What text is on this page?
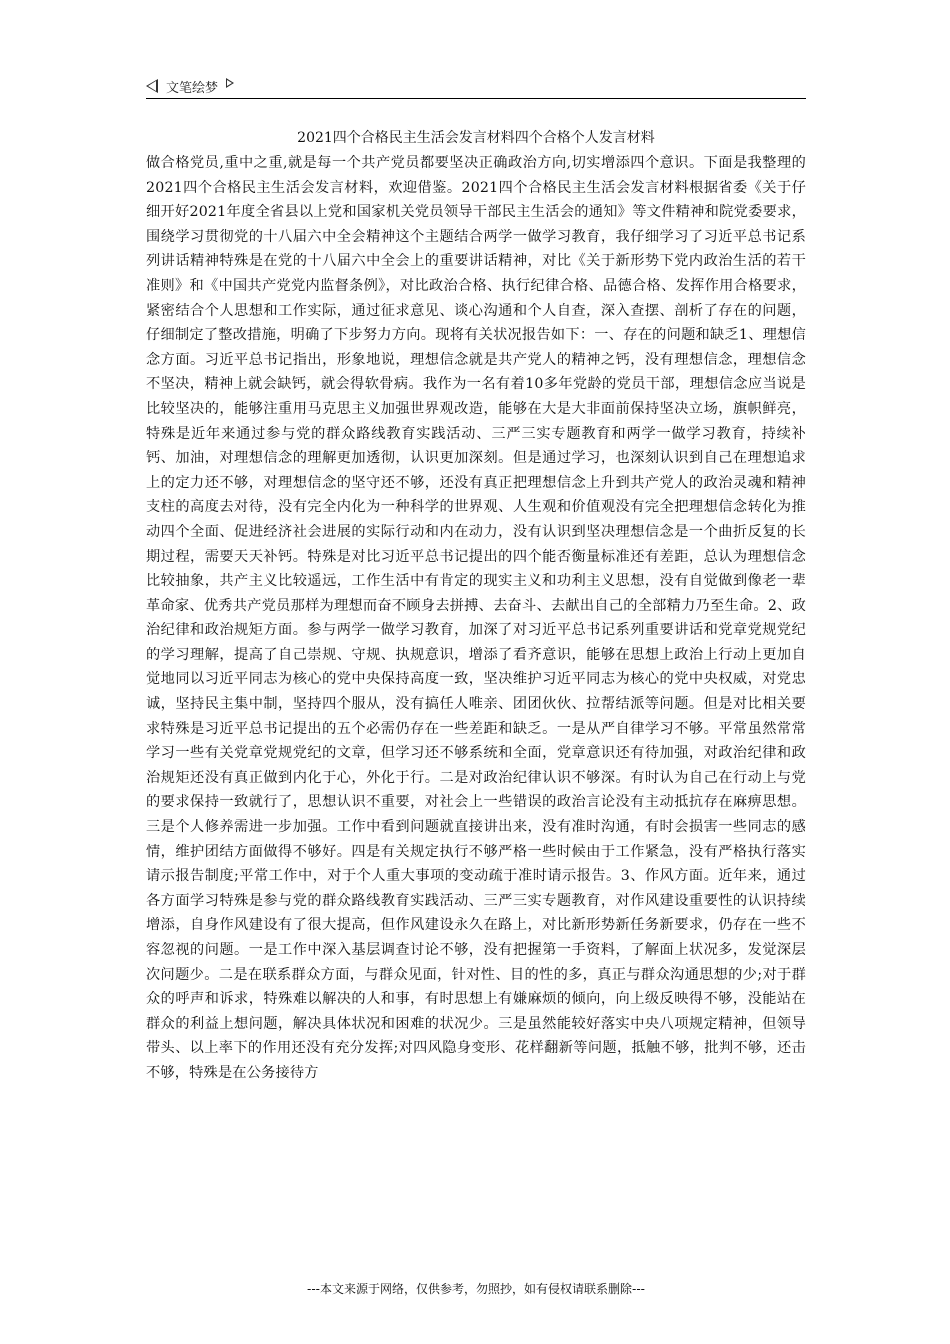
文笔绘梦
2021四个合格民主生活会发言材料四个合格个人发言材料
做合格党员,重中之重,就是每一个共产党员都要坚决正确政治方向,切实增添四个意识。下面是我整理的2021四个合格民主生活会发言材料，欢迎借鉴。2021四个合格民主生活会发言材料根据省委《关于仔细开好2021年度全省县以上党和国家机关党员领导干部民主生活会的通知》等文件精神和院党委要求，围绕学习贯彻党的十八届六中全会精神这个主题结合两学一做学习教育，我仔细学习了习近平总书记系列讲话精神特殊是在党的十八届六中全会上的重要讲话精神，对比《关于新形势下党内政治生活的若干准则》和《中国共产党党内监督条例》，对比政治合格、执行纪律合格、品德合格、发挥作用合格要求，紧密结合个人思想和工作实际，通过征求意见、谈心沟通和个人自查，深入查摆、剖析了存在的问题，仔细制定了整改措施，明确了下步努力方向。现将有关状况报告如下：一、存在的问题和缺乏1、理想信念方面。习近平总书记指出，形象地说，理想信念就是共产党人的精神之钙，没有理想信念，理想信念不坚决，精神上就会缺钙，就会得软骨病。我作为一名有着10多年党龄的党员干部，理想信念应当说是比较坚决的，能够注重用马克思主义加强世界观改造，能够在大是大非面前保持坚决立场，旗帜鲜亮，特殊是近年来通过参与党的群众路线教育实践活动、三严三实专题教育和两学一做学习教育，持续补钙、加油，对理想信念的理解更加透彻，认识更加深刻。但是通过学习，也深刻认识到自己在理想追求上的定力还不够，对理想信念的坚守还不够，还没有真正把理想信念上升到共产党人的政治灵魂和精神支柱的高度去对待，没有完全内化为一种科学的世界观、人生观和价值观没有完全把理想信念转化为推动四个全面、促进经济社会进展的实际行动和内在动力，没有认识到坚决理想信念是一个曲折反复的长期过程，需要天天补钙。特殊是对比习近平总书记提出的四个能否衡量标准还有差距，总认为理想信念比较抽象，共产主义比较遥远，工作生活中有肯定的现实主义和功利主义思想，没有自觉做到像老一辈革命家、优秀共产党员那样为理想而奋不顾身去拼搏、去奋斗、去献出自己的全部精力乃至生命。2、政治纪律和政治规矩方面。参与两学一做学习教育，加深了对习近平总书记系列重要讲话和党章党规党纪的学习理解，提高了自己崇规、守规、执规意识，增添了看齐意识，能够在思想上政治上行动上更加自觉地同以习近平同志为核心的党中央保持高度一致，坚决维护习近平同志为核心的党中央权威，对党忠诚，坚持民主集中制，坚持四个服从，没有搞任人唯亲、团团伙伙、拉帮结派等问题。但是对比相关要求特殊是习近平总书记提出的五个必需仍存在一些差距和缺乏。一是从严自律学习不够。平常虽然常常学习一些有关党章党规党纪的文章，但学习还不够系统和全面，党章意识还有待加强，对政治纪律和政治规矩还没有真正做到内化于心，外化于行。二是对政治纪律认识不够深。有时认为自己在行动上与党的要求保持一致就行了，思想认识不重要，对社会上一些错误的政治言论没有主动抵抗存在麻痹思想。三是个人修养需进一步加强。工作中看到问题就直接讲出来，没有准时沟通，有时会损害一些同志的感情，维护团结方面做得不够好。四是有关规定执行不够严格一些时候由于工作紧急，没有严格执行落实请示报告制度;平常工作中，对于个人重大事项的变动疏于准时请示报告。3、作风方面。近年来，通过各方面学习特殊是参与党的群众路线教育实践活动、三严三实专题教育，对作风建设重要性的认识持续增添，自身作风建设有了很大提高，但作风建设永久在路上，对比新形势新任务新要求，仍存在一些不容忽视的问题。一是工作中深入基层调查讨论不够，没有把握第一手资料，了解面上状况多，发觉深层次问题少。二是在联系群众方面，与群众见面，针对性、目的性的多，真正与群众沟通思想的少;对于群众的呼声和诉求，特殊难以解决的人和事，有时思想上有嫌麻烦的倾向，向上级反映得不够，没能站在群众的利益上想问题，解决具体状况和困难的状况少。三是虽然能较好落实中央八项规定精神，但领导带头、以上率下的作用还没有充分发挥;对四风隐身变形、花样翻新等问题，抵触不够，批判不够，还击不够，特殊是在公务接待方
---本文来源于网络，仅供参考，勿照抄，如有侵权请联系删除---
